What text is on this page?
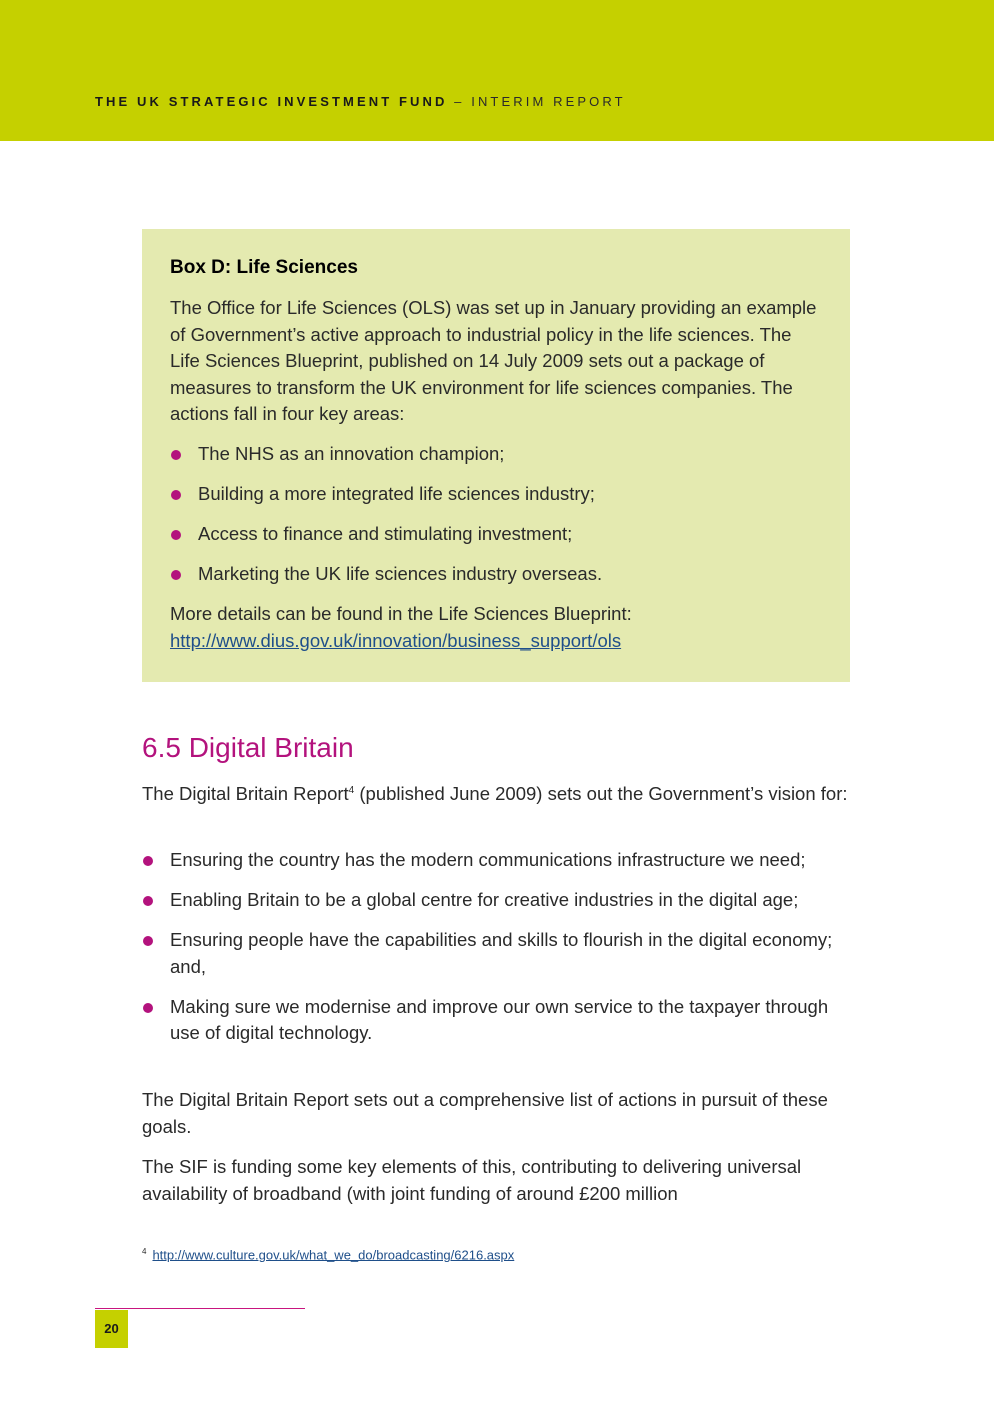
THE UK STRATEGIC INVESTMENT FUND – INTERIM REPORT
Box D: Life Sciences

The Office for Life Sciences (OLS) was set up in January providing an example of Government’s active approach to industrial policy in the life sciences. The Life Sciences Blueprint, published on 14 July 2009 sets out a package of measures to transform the UK environment for life sciences companies. The actions fall in four key areas:

The NHS as an innovation champion;
Building a more integrated life sciences industry;
Access to finance and stimulating investment;
Marketing the UK life sciences industry overseas.

More details can be found in the Life Sciences Blueprint:
http://www.dius.gov.uk/innovation/business_support/ols

6.5 Digital Britain

The Digital Britain Report$^4$ (published June 2009) sets out the Government’s vision for:

Ensuring the country has the modern communications infrastructure we need;
Enabling Britain to be a global centre for creative industries in the digital age;
Ensuring people have the capabilities and skills to flourish in the digital economy; and,
Making sure we modernise and improve our own service to the taxpayer through use of digital technology.

The Digital Britain Report sets out a comprehensive list of actions in pursuit of these goals.

The SIF is funding some key elements of this, contributing to delivering universal availability of broadband (with joint funding of around £200 million

$^4$ http://www.culture.gov.uk/what_we_do/broadcasting/6216.aspx
20
